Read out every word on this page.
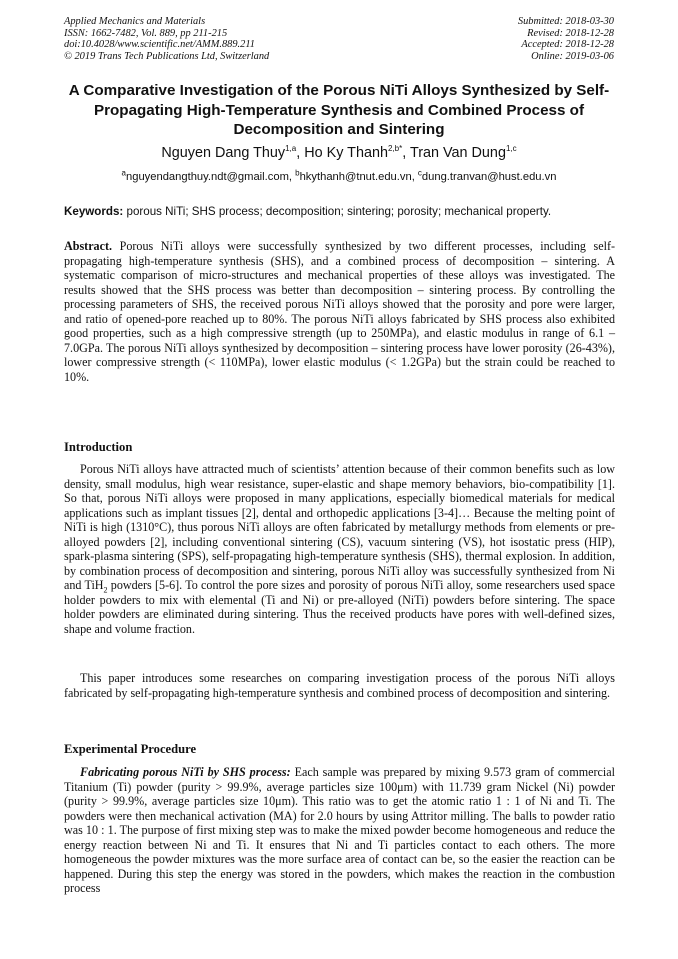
Applied Mechanics and Materials
ISSN: 1662-7482, Vol. 889, pp 211-215
doi:10.4028/www.scientific.net/AMM.889.211
© 2019 Trans Tech Publications Ltd, Switzerland
Submitted: 2018-03-30
Revised: 2018-12-28
Accepted: 2018-12-28
Online: 2019-03-06
A Comparative Investigation of the Porous NiTi Alloys Synthesized by Self-Propagating High-Temperature Synthesis and Combined Process of Decomposition and Sintering
Nguyen Dang Thuy$^{1,a}$, Ho Ky Thanh$^{2,b*}$, Tran Van Dung$^{1,c}$
$^a$nguyendangthuy.ndt@gmail.com, $^b$hkythanh@tnut.edu.vn, $^c$dung.tranvan@hust.edu.vn
Keywords: porous NiTi; SHS process; decomposition; sintering; porosity; mechanical property.
Abstract. Porous NiTi alloys were successfully synthesized by two different processes, including self-propagating high-temperature synthesis (SHS), and a combined process of decomposition – sintering. A systematic comparison of micro-structures and mechanical properties of these alloys was investigated. The results showed that the SHS process was better than decomposition – sintering process. By controlling the processing parameters of SHS, the received porous NiTi alloys showed that the porosity and pore were larger, and ratio of opened-pore reached up to 80%. The porous NiTi alloys fabricated by SHS process also exhibited good properties, such as a high compressive strength (up to 250MPa), and elastic modulus in range of 6.1 – 7.0GPa. The porous NiTi alloys synthesized by decomposition – sintering process have lower porosity (26-43%), lower compressive strength (< 110MPa), lower elastic modulus (< 1.2GPa) but the strain could be reached to 10%.
Introduction
Porous NiTi alloys have attracted much of scientists’ attention because of their common benefits such as low density, small modulus, high wear resistance, super-elastic and shape memory behaviors, bio-compatibility [1]. So that, porous NiTi alloys were proposed in many applications, especially biomedical materials for medical applications such as implant tissues [2], dental and orthopedic applications [3-4]… Because the melting point of NiTi is high (1310°C), thus porous NiTi alloys are often fabricated by metallurgy methods from elements or pre-alloyed powders [2], including conventional sintering (CS), vacuum sintering (VS), hot isostatic press (HIP), spark-plasma sintering (SPS), self-propagating high-temperature synthesis (SHS), thermal explosion. In addition, by combination process of decomposition and sintering, porous NiTi alloy was successfully synthesized from Ni and TiH$_2$ powders [5-6]. To control the pore sizes and porosity of porous NiTi alloy, some researchers used space holder powders to mix with elemental (Ti and Ni) or pre-alloyed (NiTi) powders before sintering. The space holder powders are eliminated during sintering. Thus the received products have pores with well-defined sizes, shape and volume fraction.
This paper introduces some researches on comparing investigation process of the porous NiTi alloys fabricated by self-propagating high-temperature synthesis and combined process of decomposition and sintering.
Experimental Procedure
Fabricating porous NiTi by SHS process: Each sample was prepared by mixing 9.573 gram of commercial Titanium (Ti) powder (purity > 99.9%, average particles size 100μm) with 11.739 gram Nickel (Ni) powder (purity > 99.9%, average particles size 10μm). This ratio was to get the atomic ratio 1 : 1 of Ni and Ti. The powders were then mechanical activation (MA) for 2.0 hours by using Attritor milling. The balls to powder ratio was 10 : 1. The purpose of first mixing step was to make the mixed powder become homogeneous and reduce the energy reaction between Ni and Ti. It ensures that Ni and Ti particles contact to each others. The more homogeneous the powder mixtures was the more surface area of contact can be, so the easier the reaction can be happened. During this step the energy was stored in the powders, which makes the reaction in the combustion process
